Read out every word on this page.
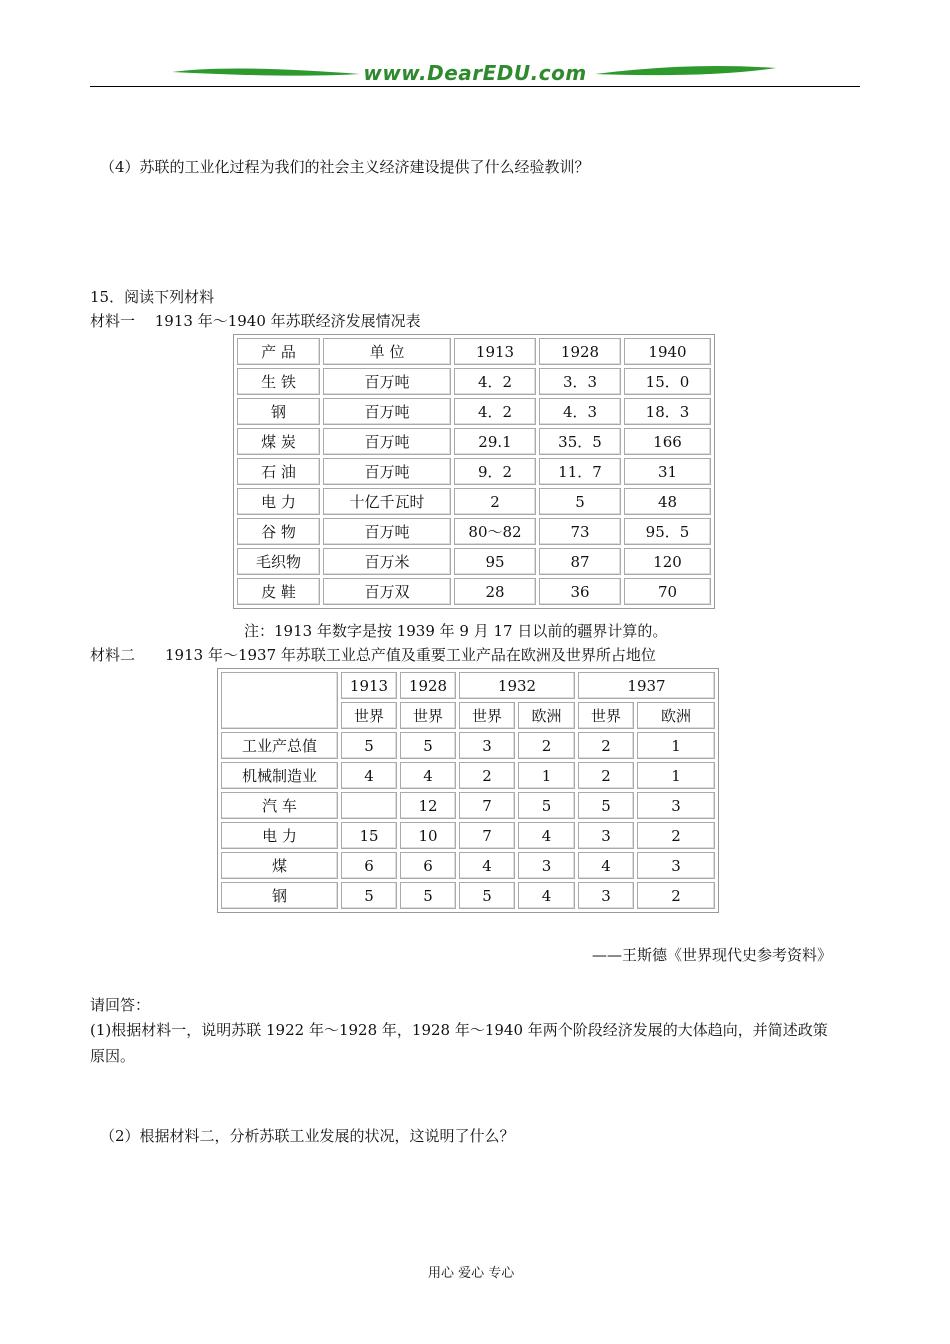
www.DearEDU.com
（4）苏联的工业化过程为我们的社会主义经济建设提供了什么经验教训？
15．阅读下列材料
材料一　 1913 年～1940 年苏联经济发展情况表
产 品	单 位	1913	1928	1940
生 铁	百万吨	4．2	3．3	15．0
钢	百万吨	4．2	4．3	18．3
煤 炭	百万吨	29.1	35．5	166
石 油	百万吨	9．2	11．7	31
电 力	十亿千瓦时	2	5	48
谷 物	百万吨	80～82	73	95．5
毛织物	百万米	95	87	120
皮 鞋	百万双	28	36	70
注：1913 年数字是按 1939 年 9 月 17 日以前的疆界计算的。
材料二　　1913 年～1937 年苏联工业总产值及重要工业产品在欧洲及世界所占地位
	1913	1928	1932		1937	
	世界	世界	世界	欧洲	世界	欧洲
工业产总值	5	5	3	2	2	1
机械制造业	4	4	2	1	2	1
汽 车		12	7	5	5	3
电 力	15	10	7	4	3	2
煤	6	6	4	3	4	3
钢	5	5	5	4	3	2
——王斯德《世界现代史参考资料》
请回答：
(1)根据材料一，说明苏联 1922 年～1928 年，1928 年～1940 年两个阶段经济发展的大体趋向，并简述政策
原因。
（2）根据材料二，分析苏联工业发展的状况，这说明了什么？
用心 爱心 专心
